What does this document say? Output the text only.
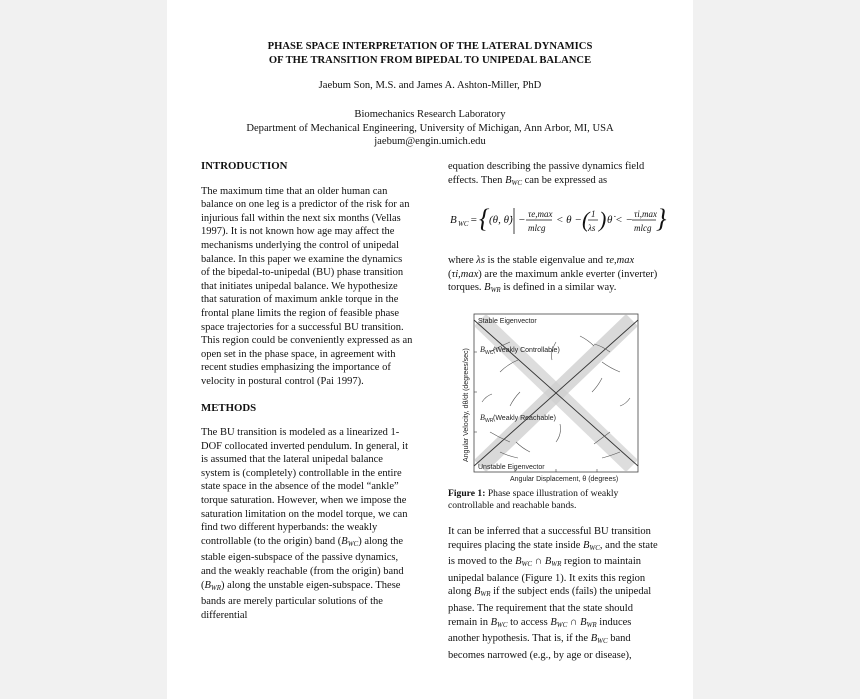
PHASE SPACE INTERPRETATION OF THE LATERAL DYNAMICS
OF THE TRANSITION FROM BIPEDAL TO UNIPEDAL BALANCE
Jaebum Son, M.S. and James A. Ashton-Miller, PhD
Biomechanics Research Laboratory
Department of Mechanical Engineering, University of Michigan, Ann Arbor, MI, USA
jaebum@engin.umich.edu
INTRODUCTION

The maximum time that an older human can balance on one leg is a predictor of the risk for an injurious fall within the next six months (Vellas 1997). It is not known how age may affect the mechanisms underlying the control of unipedal balance. In this paper we examine the dynamics of the bipedal-to-unipedal (BU) phase transition that initiates unipedal balance. We hypothesize that saturation of maximum ankle torque in the frontal plane limits the region of feasible phase space trajectories for a successful BU transition. This region could be conveniently expressed as an open set in the phase space, in agreement with recent studies emphasizing the importance of velocity in postural control (Pai 1997).

METHODS

The BU transition is modeled as a linearized 1-DOF collocated inverted pendulum. In general, it is assumed that the lateral unipedal balance system is (completely) controllable in the entire state space in the absence of the model “ankle” torque saturation. However, when we impose the saturation limitation on the model torque, we can find two different hyperbands: the weakly controllable (to the origin) band $(B_{WC})$ along the stable eigen-subspace of the passive dynamics, and the weakly reachable (from the origin) band $(B_{WR})$ along the unstable eigen-subspace. These bands are merely particular solutions of the differential

equation describing the passive dynamics field effects. Then $B_{WC}$ can be expressed as

B WC = { (θ, θ̇) − τe,max
mlcg
< θ − ( 1
λs ) θ̇ < − τi,max
mlcg }

where λs is the stable eigenvalue and τe,max (τi,max) are the maximum ankle everter (inverter) torques. $B_{WR}$ is defined in a similar way.

Stable Eigenvector
B WC (Weakly Controllable)
B WR (Weakly Reachable)
Unstable Eigenvector
Angular Displacement, θ (degrees)
Angular Velocity, dθ/dt (degrees/sec)
Figure 1: Phase space illustration of weakly controllable and reachable bands.

It can be inferred that a successful BU transition requires placing the state inside $B_{WC}$, and the state is moved to the $B_{WC}$ ∩ $B_{WR}$ region to maintain unipedal balance (Figure 1). It exits this region along $B_{WR}$ if the subject ends (fails) the unipedal phase. The requirement that the state should remain in $B_{WC}$ to access $B_{WC}$ ∩ $B_{WR}$ induces another hypothesis. That is, if the $B_{WC}$ band becomes narrowed (e.g., by age or disease),
